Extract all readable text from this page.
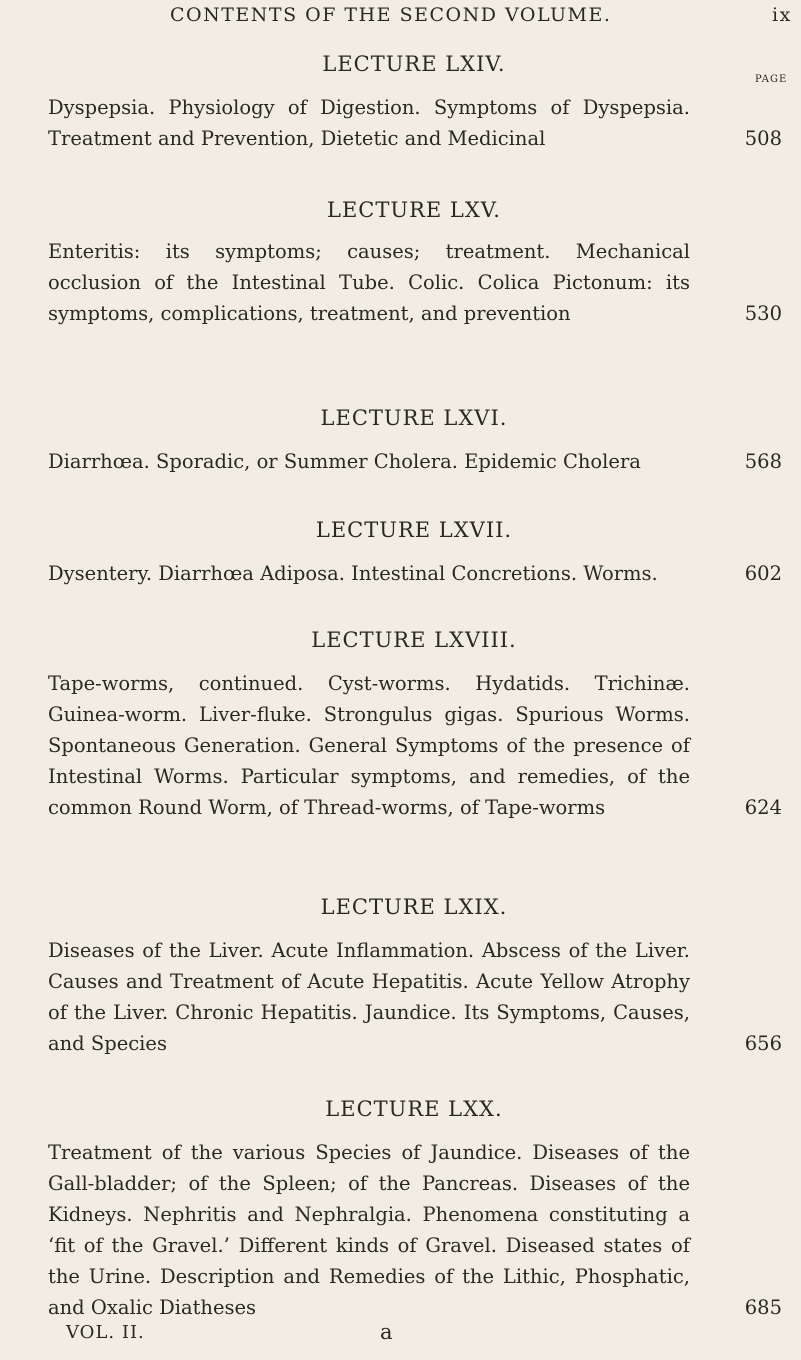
CONTENTS OF THE SECOND VOLUME.	ix
PAGE
LECTURE LXIV.

Dyspepsia. Physiology of Digestion. Symptoms of Dyspepsia. Treatment and Prevention, Dietetic and Medicinal	508
LECTURE LXV.

Enteritis: its symptoms; causes; treatment. Mechanical occlusion of the Intestinal Tube. Colic. Colica Pictonum: its symptoms, complications, treatment, and prevention	530
LECTURE LXVI.

Diarrhœa. Sporadic, or Summer Cholera. Epidemic Cholera	568
LECTURE LXVII.

Dysentery. Diarrhœa Adiposa. Intestinal Concretions. Worms.	602
LECTURE LXVIII.

Tape-worms, continued. Cyst-worms. Hydatids. Trichinæ. Guinea-worm. Liver-fluke. Strongulus gigas. Spurious Worms. Spontaneous Generation. General Symptoms of the presence of Intestinal Worms. Particular symptoms, and remedies, of the common Round Worm, of Thread-worms, of Tape-worms	624
LECTURE LXIX.

Diseases of the Liver. Acute Inflammation. Abscess of the Liver. Causes and Treatment of Acute Hepatitis. Acute Yellow Atrophy of the Liver. Chronic Hepatitis. Jaundice. Its Symptoms, Causes, and Species	656
LECTURE LXX.

Treatment of the various Species of Jaundice. Diseases of the Gall-bladder; of the Spleen; of the Pancreas. Diseases of the Kidneys. Nephritis and Nephralgia. Phenomena constituting a ‘fit of the Gravel.’ Different kinds of Gravel. Diseased states of the Urine. Description and Remedies of the Lithic, Phosphatic, and Oxalic Diatheses	685
VOL. II.	a
